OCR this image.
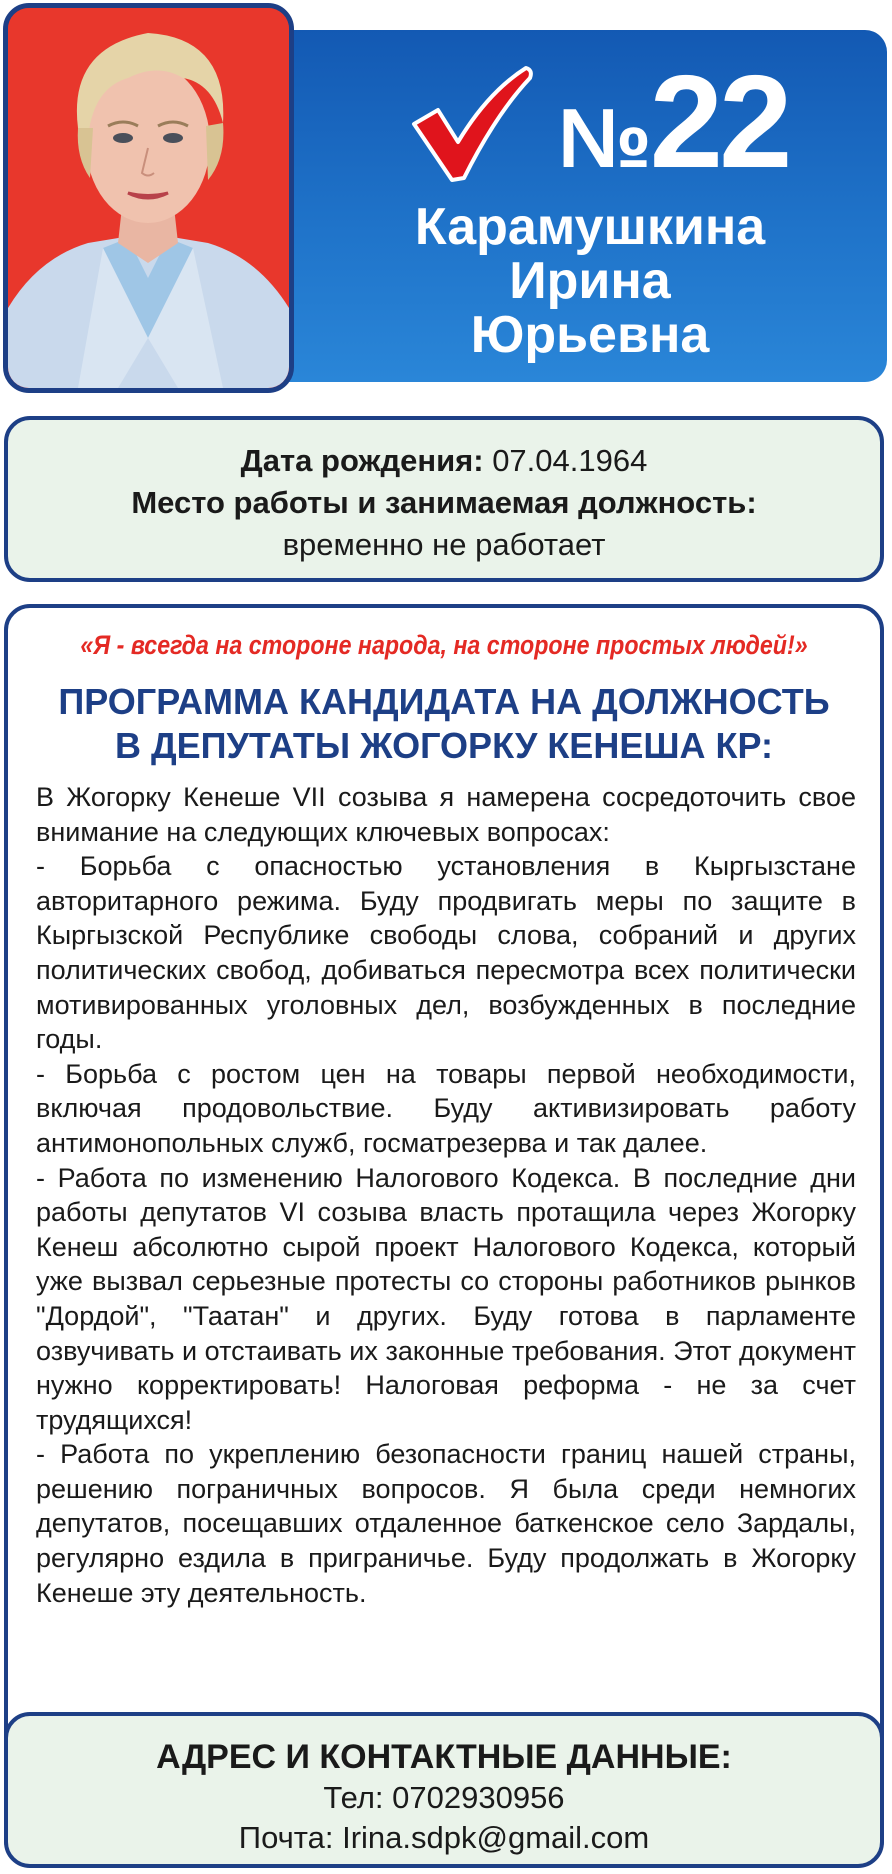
№22
Карамушкина
Ирина
Юрьевна
Дата рождения: 07.04.1964
Место работы и занимаемая должность:
временно не работает
«Я - всегда на стороне народа, на стороне простых людей!»
ПРОГРАММА КАНДИДАТА НА ДОЛЖНОСТЬ
В ДЕПУТАТЫ ЖОГОРКУ КЕНЕША КР:

В Жогорку Кенеше VII созыва я намерена сосредоточить свое внимание на следующих ключевых вопросах:

- Борьба с опасностью установления в Кыргызстане авторитарного режима. Буду продвигать меры по защите в Кыргызской Республике свободы слова, собраний и других политических свобод, добиваться пересмотра всех политически мотивированных уголовных дел, возбужденных в последние годы.

- Борьба с ростом цен на товары первой необходимости, включая продовольствие. Буду активизировать работу антимонопольных служб, госматрезерва и так далее.

- Работа по изменению Налогового Кодекса. В последние дни работы депутатов VI созыва власть протащила через Жогорку Кенеш абсолютно сырой проект Налогового Кодекса, который уже вызвал серьезные протесты со стороны работников рынков "Дордой", "Таатан" и других. Буду готова в парламенте озвучивать и отстаивать их законные требования. Этот документ нужно корректировать! Налоговая реформа - не за счет трудящихся!

- Работа по укреплению безопасности границ нашей страны, решению пограничных вопросов. Я была среди немногих депутатов, посещавших отдаленное баткенское село Зардалы, регулярно ездила в приграничье. Буду продолжать в Жогорку Кенеше эту деятельность.

АДРЕС И КОНТАКТНЫЕ ДАННЫЕ:
Тел: 0702930956
Почта: Irina.sdpk@gmail.com
